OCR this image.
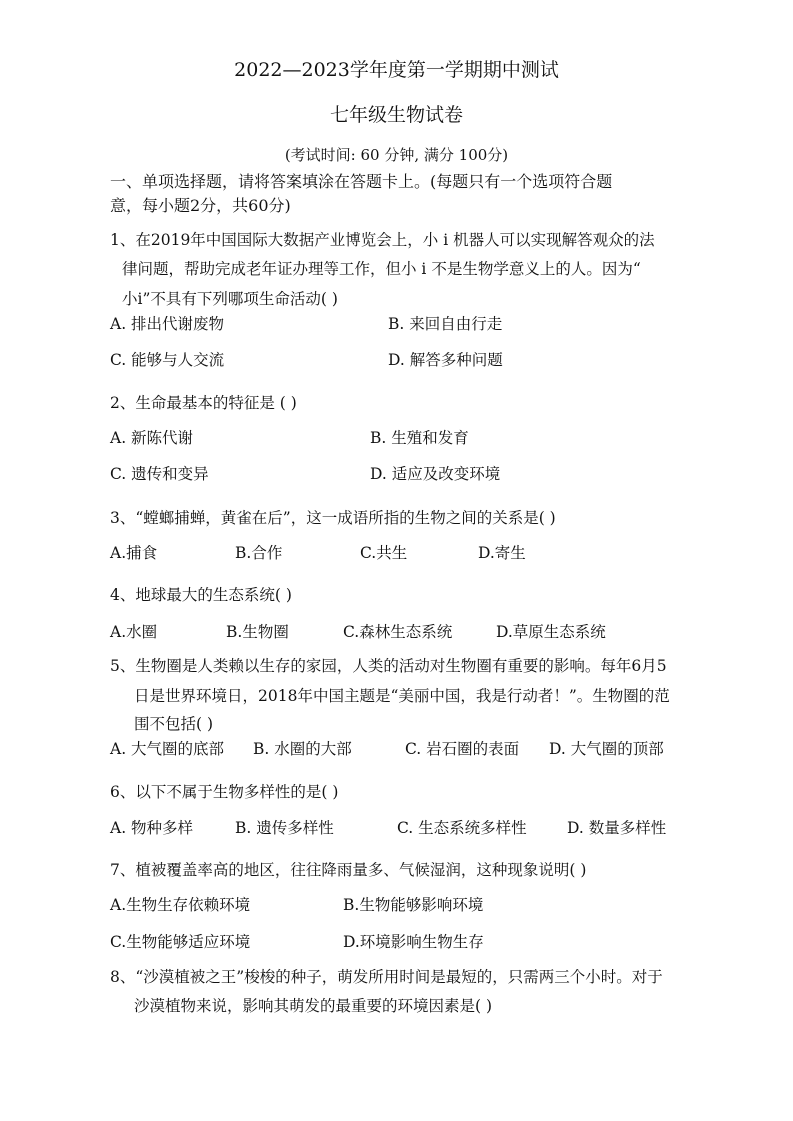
2022—2023学年度第一学期期中测试
七年级生物试卷
(考试时间: 60 分钟, 满分 100分)
一、单项选择题，请将答案填涂在答题卡上。(每题只有一个选项符合题
意，每小题2分，共60分)
1、在2019年中国国际大数据产业博览会上，小 i 机器人可以实现解答观众的法
律问题，帮助完成老年证办理等工作，但小 i 不是生物学意义上的人。因为“
小i”不具有下列哪项生命活动( )
A. 排出代谢废物	B. 来回自由行走
C. 能够与人交流	D. 解答多种问题
2、生命最基本的特征是 ( )
A. 新陈代谢	B. 生殖和发育
C. 遗传和变异	D. 适应及改变环境
3、“螳螂捕蝉，黄雀在后”，这一成语所指的生物之间的关系是( )
A.捕食	B.合作	C.共生	D.寄生
4、地球最大的生态系统( )
A.水圈	B.生物圈	C.森林生态系统	D.草原生态系统
5、生物圈是人类赖以生存的家园，人类的活动对生物圈有重要的影响。每年6月5
日是世界环境日，2018年中国主题是“美丽中国，我是行动者！”。生物圈的范
围不包括( )
A. 大气圈的底部 B. 水圈的大部	C. 岩石圈的表面 D. 大气圈的顶部
6、以下不属于生物多样性的是( )
A. 物种多样	B. 遗传多样性	C. 生态系统多样性	D. 数量多样性
7、植被覆盖率高的地区，往往降雨量多、气候湿润，这种现象说明( )
A.生物生存依赖环境	B.生物能够影响环境
C.生物能够适应环境	D.环境影响生物生存
8、“沙漠植被之王”梭梭的种子，萌发所用时间是最短的，只需两三个小时。对于
沙漠植物来说，影响其萌发的最重要的环境因素是( )
